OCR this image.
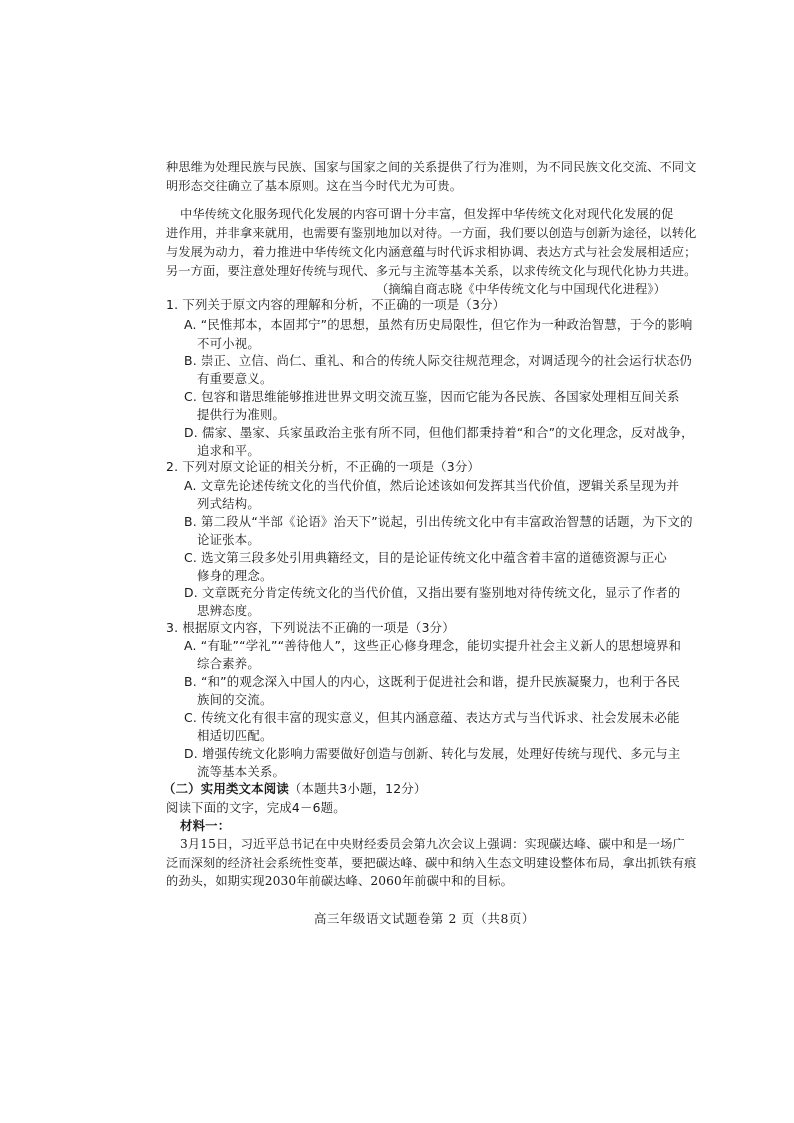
种思维为处理民族与民族、国家与国家之间的关系提供了行为准则，为不同民族文化交流、不同文
明形态交往确立了基本原则。这在当今时代尤为可贵。
中华传统文化服务现代化发展的内容可谓十分丰富，但发挥中华传统文化对现代化发展的促
进作用，并非拿来就用，也需要有鉴别地加以对待。一方面，我们要以创造与创新为途径，以转化
与发展为动力，着力推进中华传统文化内涵意蕴与时代诉求相协调、表达方式与社会发展相适应；
另一方面，要注意处理好传统与现代、多元与主流等基本关系，以求传统文化与现代化协力共进。
（摘编自商志晓《中华传统文化与中国现代化进程》）
1. 下列关于原文内容的理解和分析，不正确的一项是（3分）
A. “民惟邦本，本固邦宁”的思想，虽然有历史局限性，但它作为一种政治智慧，于今的影响
不可小视。
B. 崇正、立信、尚仁、重礼、和合的传统人际交往规范理念，对调适现今的社会运行状态仍
有重要意义。
C. 包容和谐思维能够推进世界文明交流互鉴，因而它能为各民族、各国家处理相互间关系
提供行为准则。
D. 儒家、墨家、兵家虽政治主张有所不同，但他们都秉持着“和合”的文化理念，反对战争，
追求和平。
2. 下列对原文论证的相关分析，不正确的一项是（3分）
A. 文章先论述传统文化的当代价值，然后论述该如何发挥其当代价值，逻辑关系呈现为并
列式结构。
B. 第二段从“半部《论语》治天下”说起，引出传统文化中有丰富政治智慧的话题，为下文的
论证张本。
C. 选文第三段多处引用典籍经文，目的是论证传统文化中蕴含着丰富的道德资源与正心
修身的理念。
D. 文章既充分肯定传统文化的当代价值，又指出要有鉴别地对待传统文化，显示了作者的
思辨态度。
3. 根据原文内容，下列说法不正确的一项是（3分）
A. “有耻”“学礼”“善待他人”，这些正心修身理念，能切实提升社会主义新人的思想境界和
综合素养。
B. “和”的观念深入中国人的内心，这既利于促进社会和谐，提升民族凝聚力，也利于各民
族间的交流。
C. 传统文化有很丰富的现实意义，但其内涵意蕴、表达方式与当代诉求、社会发展未必能
相适切匹配。
D. 增强传统文化影响力需要做好创造与创新、转化与发展，处理好传统与现代、多元与主
流等基本关系。
（二）实用类文本阅读（本题共3小题，12分）
阅读下面的文字，完成4－6题。
材料一：
3月15日，习近平总书记在中央财经委员会第九次会议上强调：实现碳达峰、碳中和是一场广
泛而深刻的经济社会系统性变革，要把碳达峰、碳中和纳入生态文明建设整体布局，拿出抓铁有痕
的劲头，如期实现2030年前碳达峰、2060年前碳中和的目标。
高三年级语文试题卷第 2 页（共8页）
